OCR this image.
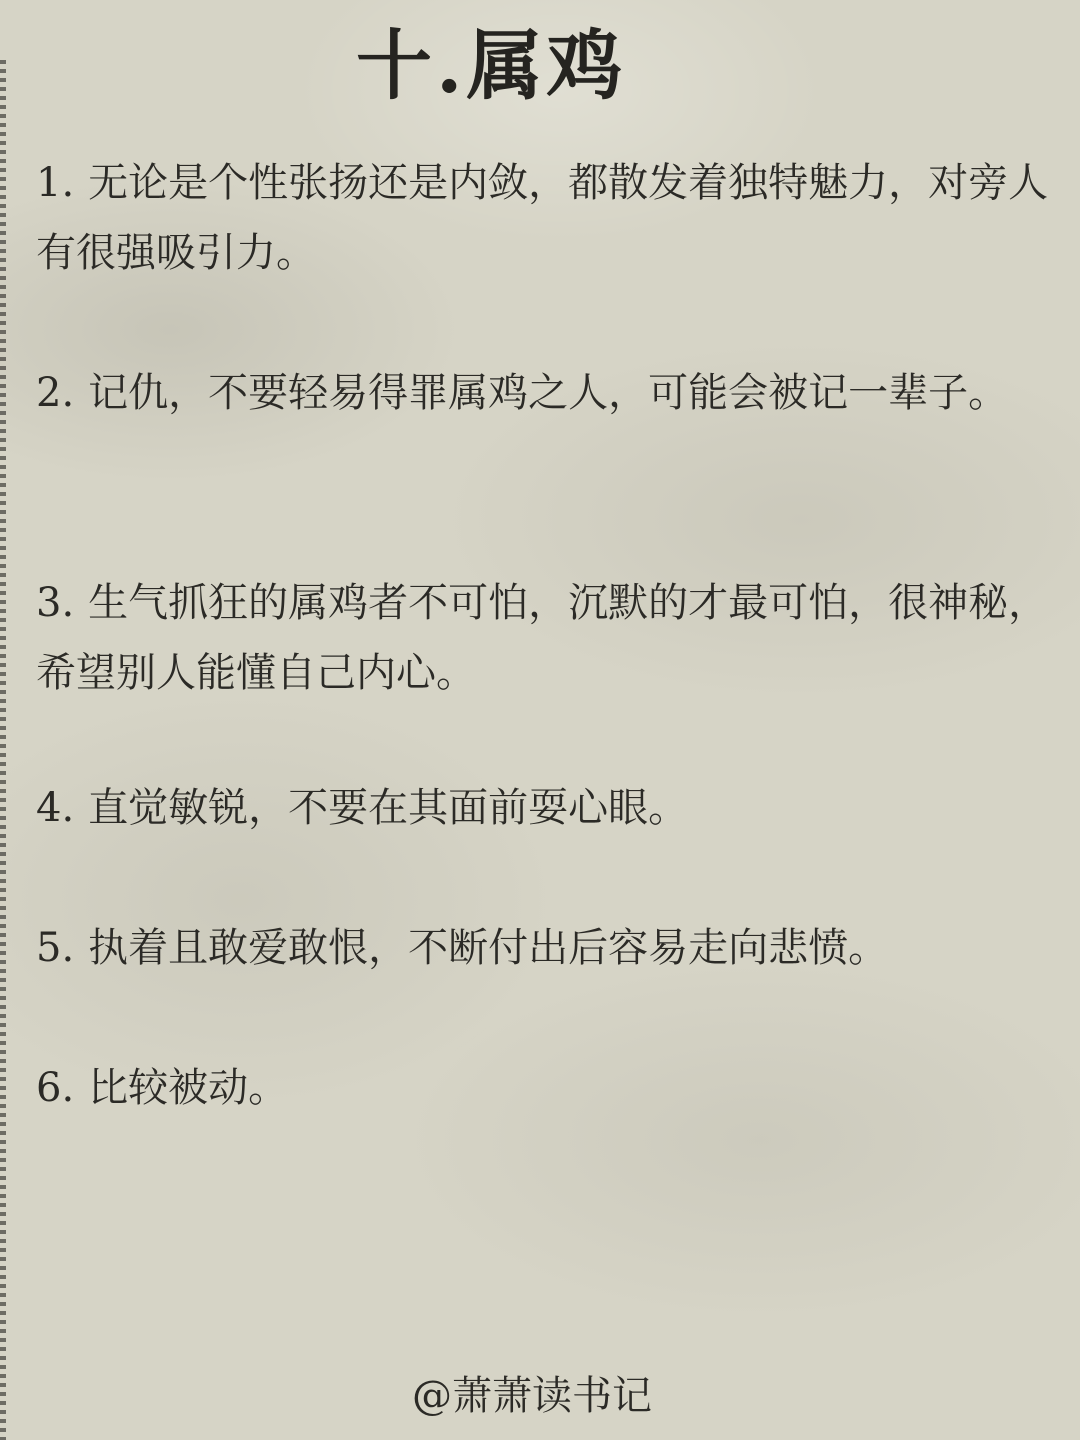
十.属鸡

1. 无论是个性张扬还是内敛，都散发着独特魅力，对旁人有很强吸引力。

2. 记仇，不要轻易得罪属鸡之人，可能会被记一辈子。

3. 生气抓狂的属鸡者不可怕，沉默的才最可怕，很神秘，希望别人能懂自己内心。

4. 直觉敏锐，不要在其面前耍心眼。

5. 执着且敢爱敢恨，不断付出后容易走向悲愤。

6. 比较被动。

@萧萧读书记
